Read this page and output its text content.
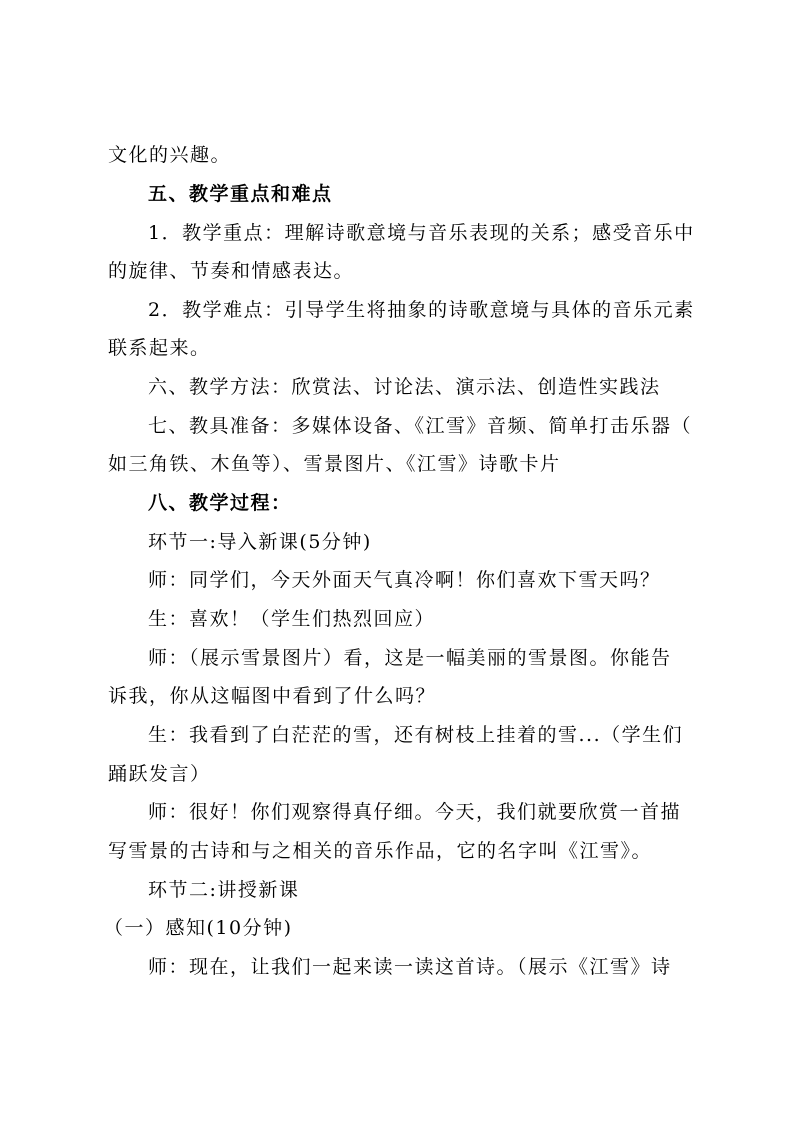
文化的兴趣。
五、教学重点和难点
1．教学重点：理解诗歌意境与音乐表现的关系；感受音乐中
的旋律、节奏和情感表达。
2．教学难点：引导学生将抽象的诗歌意境与具体的音乐元素
联系起来。
六、教学方法：欣赏法、讨论法、演示法、创造性实践法
七、教具准备：多媒体设备、《江雪》音频、简单打击乐器（
如三角铁、木鱼等）、雪景图片、《江雪》诗歌卡片
八、教学过程：
环节一:导入新课(5分钟)
师：同学们，今天外面天气真冷啊！你们喜欢下雪天吗？
生：喜欢！（学生们热烈回应）
师：（展示雪景图片）看，这是一幅美丽的雪景图。你能告
诉我，你从这幅图中看到了什么吗？
生：我看到了白茫茫的雪，还有树枝上挂着的雪...（学生们
踊跃发言）
师：很好！你们观察得真仔细。今天，我们就要欣赏一首描
写雪景的古诗和与之相关的音乐作品，它的名字叫《江雪》。
环节二:讲授新课
（一）感知(10分钟)
师：现在，让我们一起来读一读这首诗。（展示《江雪》诗
